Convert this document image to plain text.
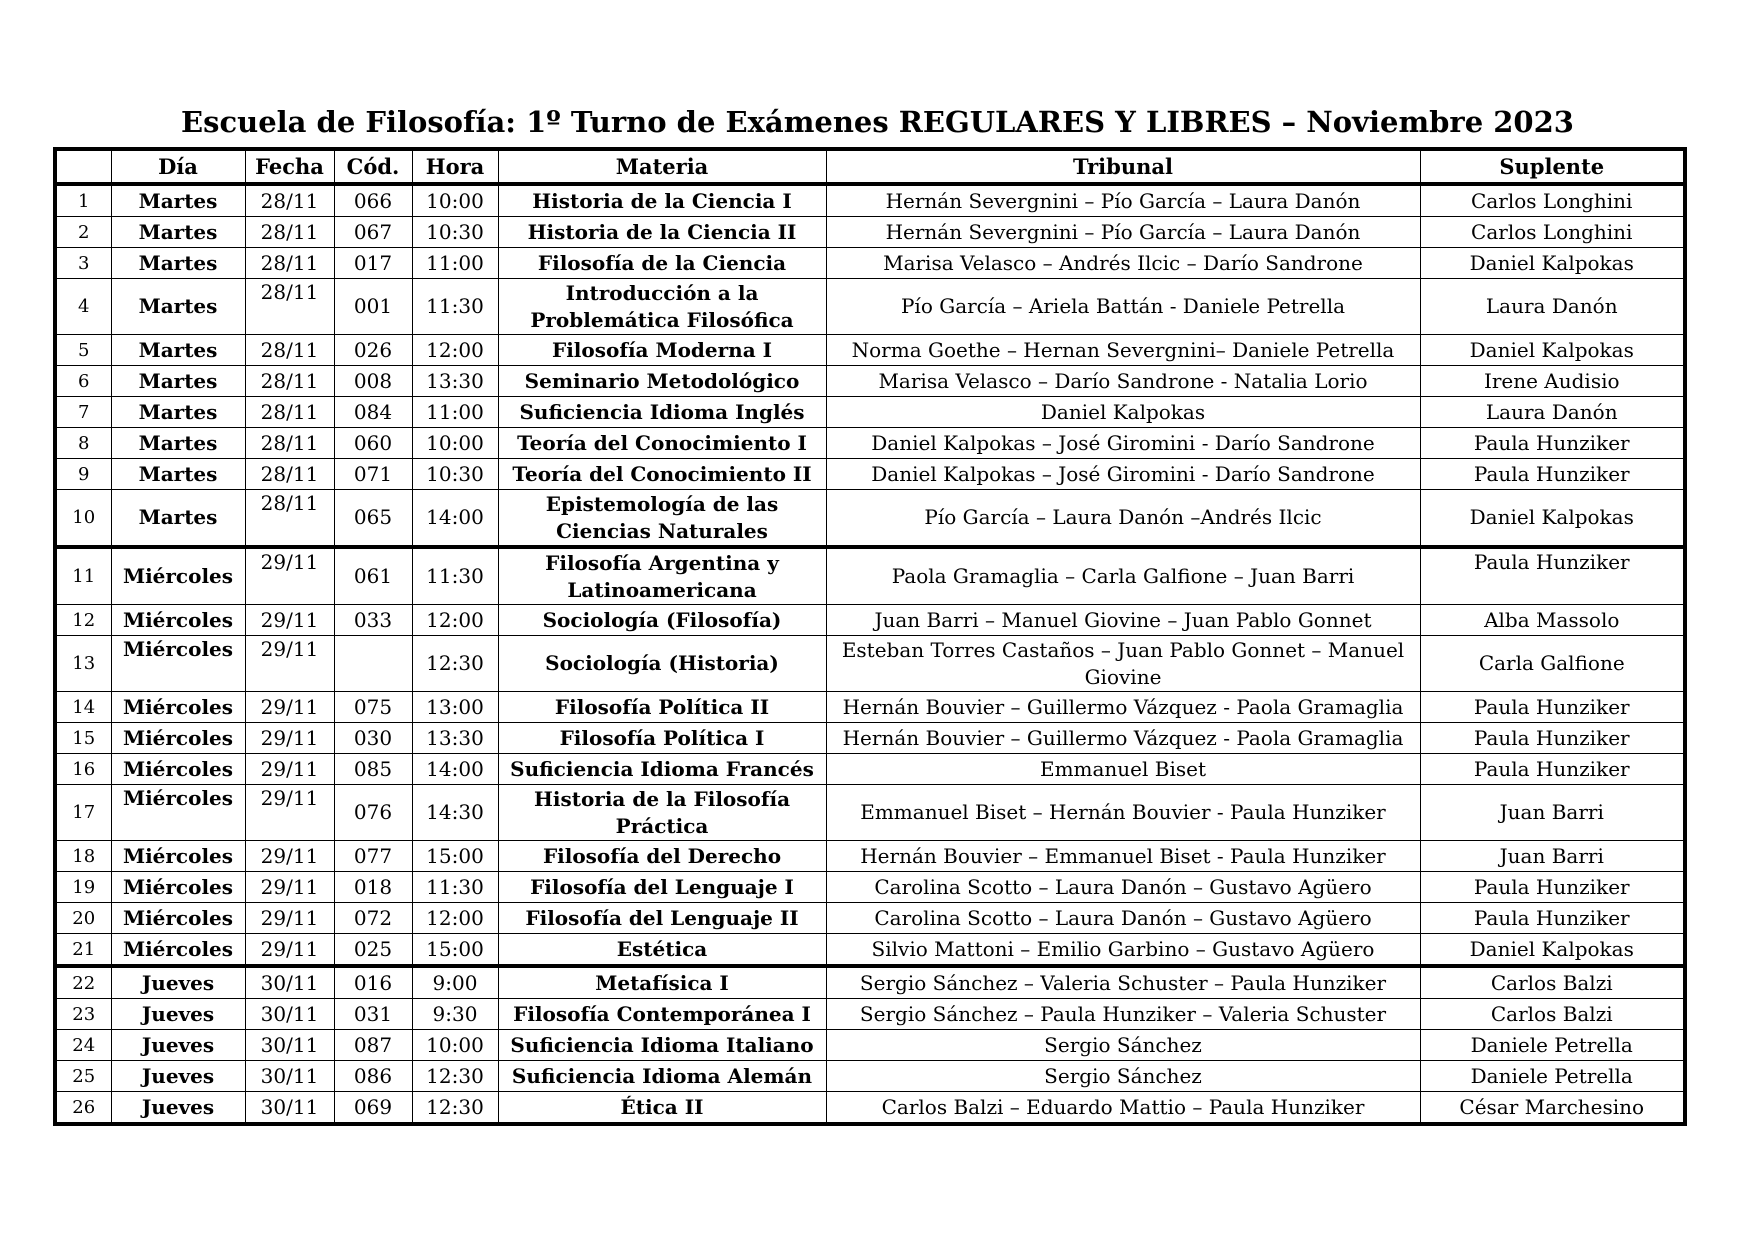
Escuela de Filosofía: 1º Turno de Exámenes REGULARES Y LIBRES – Noviembre 2023
	Día	Fecha	Cód.	Hora	Materia	Tribunal	Suplente
1	Martes	28/11	066	10:00	Historia de la Ciencia I	Hernán Severgnini – Pío García – Laura Danón	Carlos Longhini
2	Martes	28/11	067	10:30	Historia de la Ciencia II	Hernán Severgnini – Pío García – Laura Danón	Carlos Longhini
3	Martes	28/11	017	11:00	Filosofía de la Ciencia	Marisa Velasco – Andrés Ilcic – Darío Sandrone	Daniel Kalpokas
4	Martes	28/11	001	11:30	Introducción a la Problemática Filosófica	Pío García – Ariela Battán - Daniele Petrella	Laura Danón
5	Martes	28/11	026	12:00	Filosofía Moderna I	Norma Goethe – Hernan Severgnini– Daniele Petrella	Daniel Kalpokas
6	Martes	28/11	008	13:30	Seminario Metodológico	Marisa Velasco – Darío Sandrone - Natalia Lorio	Irene Audisio
7	Martes	28/11	084	11:00	Suficiencia Idioma Inglés	Daniel Kalpokas	Laura Danón
8	Martes	28/11	060	10:00	Teoría del Conocimiento I	Daniel Kalpokas – José Giromini - Darío Sandrone	Paula Hunziker
9	Martes	28/11	071	10:30	Teoría del Conocimiento II	Daniel Kalpokas – José Giromini - Darío Sandrone	Paula Hunziker
10	Martes	28/11	065	14:00	Epistemología de las Ciencias Naturales	Pío García – Laura Danón –Andrés Ilcic	Daniel Kalpokas
11	Miércoles	29/11	061	11:30	Filosofía Argentina y Latinoamericana	Paola Gramaglia – Carla Galfione – Juan Barri	Paula Hunziker
12	Miércoles	29/11	033	12:00	Sociología (Filosofía)	Juan Barri – Manuel Giovine – Juan Pablo Gonnet	Alba Massolo
13	Miércoles	29/11		12:30	Sociología (Historia)	Esteban Torres Castaños – Juan Pablo Gonnet – Manuel Giovine	Carla Galfione
14	Miércoles	29/11	075	13:00	Filosofía Política II	Hernán Bouvier – Guillermo Vázquez - Paola Gramaglia	Paula Hunziker
15	Miércoles	29/11	030	13:30	Filosofía Política I	Hernán Bouvier – Guillermo Vázquez - Paola Gramaglia	Paula Hunziker
16	Miércoles	29/11	085	14:00	Suficiencia Idioma Francés	Emmanuel Biset	Paula Hunziker
17	Miércoles	29/11	076	14:30	Historia de la Filosofía Práctica	Emmanuel Biset – Hernán Bouvier - Paula Hunziker	Juan Barri
18	Miércoles	29/11	077	15:00	Filosofía del Derecho	Hernán Bouvier – Emmanuel Biset - Paula Hunziker	Juan Barri
19	Miércoles	29/11	018	11:30	Filosofía del Lenguaje I	Carolina Scotto – Laura Danón – Gustavo Agüero	Paula Hunziker
20	Miércoles	29/11	072	12:00	Filosofía del Lenguaje II	Carolina Scotto – Laura Danón – Gustavo Agüero	Paula Hunziker
21	Miércoles	29/11	025	15:00	Estética	Silvio Mattoni – Emilio Garbino – Gustavo Agüero	Daniel Kalpokas
22	Jueves	30/11	016	9:00	Metafísica I	Sergio Sánchez – Valeria Schuster – Paula Hunziker	Carlos Balzi
23	Jueves	30/11	031	9:30	Filosofía Contemporánea I	Sergio Sánchez – Paula Hunziker – Valeria Schuster	Carlos Balzi
24	Jueves	30/11	087	10:00	Suficiencia Idioma Italiano	Sergio Sánchez	Daniele Petrella
25	Jueves	30/11	086	12:30	Suficiencia Idioma Alemán	Sergio Sánchez	Daniele Petrella
26	Jueves	30/11	069	12:30	Ética II	Carlos Balzi – Eduardo Mattio – Paula Hunziker	César Marchesino
